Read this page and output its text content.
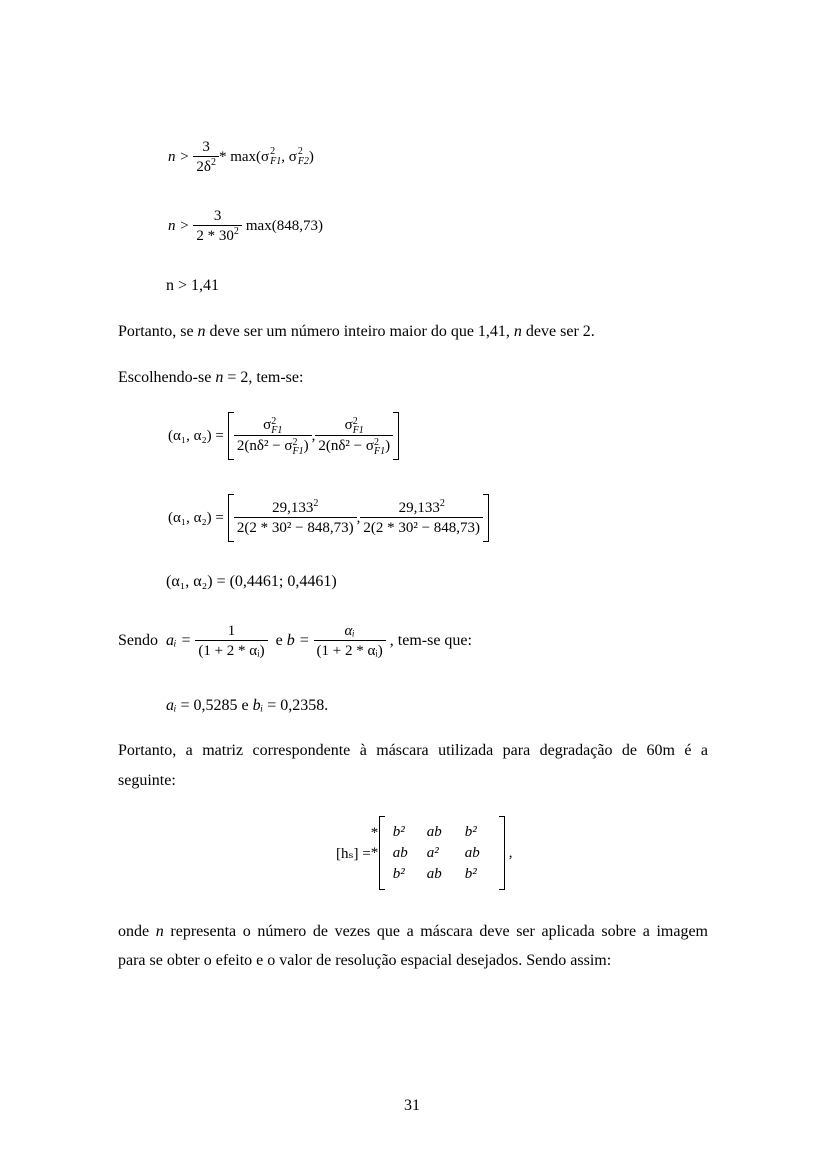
$n > \frac{3}{2\delta^2} * \max(\sigma$ 2
F1 , σ 2
F2 )
$n > \frac{3}{2 * 30^2} \max(848,73)$
n > 1,41
Portanto, se n deve ser um número inteiro maior do que 1,41, n deve ser 2.
Escolhendo-se n = 2, tem-se:
(α₁, α₂) = σ 2
F1
2(nδ² − σ 2
F1 ) , σ 2
F1
2(nδ² − σ 2
F1 )
(α₁, $\alpha_2) = \frac{29,133^2}{\text{2(2 * 30² − 848,73)}}$ , $\frac{29,133^2}{\text{2(2 * 30² − 848,73)}}$
(α₁, α₂) = (0,4461; 0,4461)
Sendo aᵢ = $\frac{1}{\text{(1 + 2 * αᵢ)}}$ e $b = \frac{\text{αᵢ}}{\text{(1 + 2 * αᵢ)}}$ , tem-se que:
aᵢ = 0,5285 e bᵢ = 0,2358.
Portanto, a matriz correspondente à máscara utilizada para degradação de 60m é a
seguinte:
[hₛ] =
*
*
b²	ab	b²
ab	a²	ab
b²	ab	b²
,
onde n representa o número de vezes que a máscara deve ser aplicada sobre a imagem
para se obter o efeito e o valor de resolução espacial desejados. Sendo assim:
31
